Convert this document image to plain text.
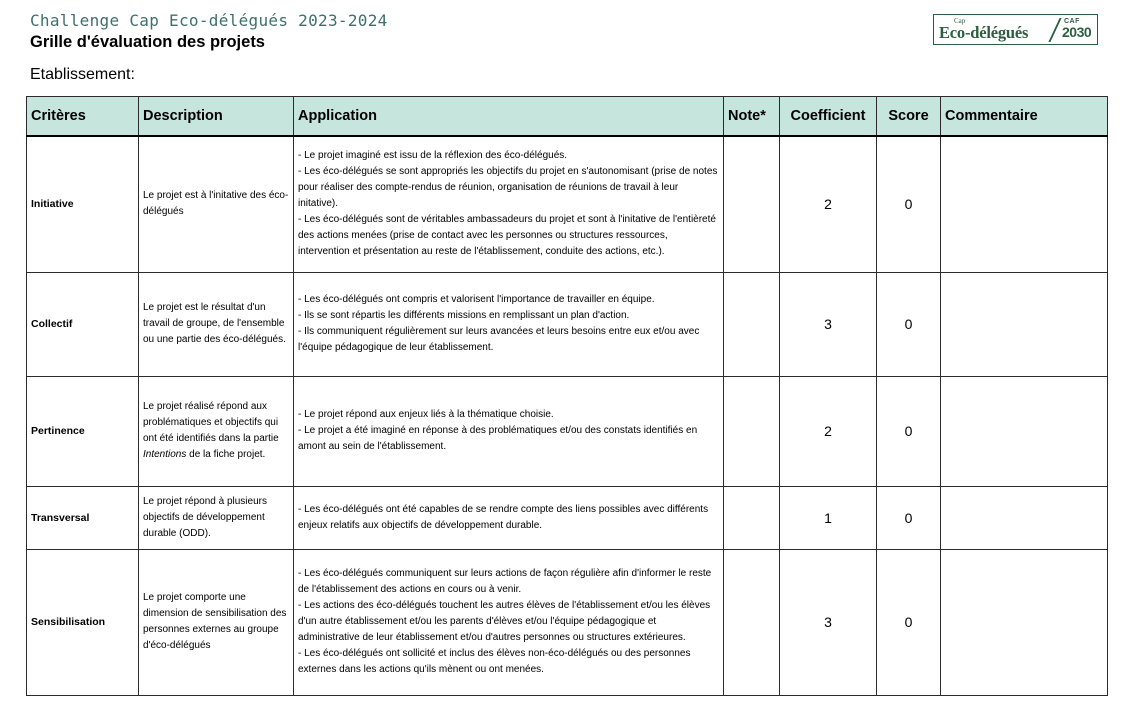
Challenge Cap Eco-délégués 2023-2024
Grille d'évaluation des projets
Etablissement:
Cap
Eco-délégués
CAF
2030
Critères	Description	Application	Note*	Coefficient	Score	Commentaire
Initiative	Le projet est à l'initative des éco-délégués	- Le projet imaginé est issu de la réflexion des éco-délégués.
- Les éco-délégués se sont appropriés les objectifs du projet en s'autonomisant (prise de notes pour réaliser des compte-rendus de réunion, organisation de réunions de travail à leur initative).
- Les éco-délégués sont de véritables ambassadeurs du projet et sont à l'initative de l'entièreté des actions menées (prise de contact avec les personnes ou structures ressources, intervention et présentation au reste de l'établissement, conduite des actions, etc.).		2	0	
Collectif	Le projet est le résultat d'un travail de groupe, de l'ensemble ou une partie des éco-délégués.	- Les éco-délégués ont compris et valorisent l'importance de travailler en équipe.
- Ils se sont répartis les différents missions en remplissant un plan d'action.
- Ils communiquent régulièrement sur leurs avancées et leurs besoins entre eux et/ou avec l'équipe pédagogique de leur établissement.		3	0	
Pertinence	Le projet réalisé répond aux problématiques et objectifs qui ont été identifiés dans la partie Intentions de la fiche projet.	- Le projet répond aux enjeux liés à la thématique choisie.
- Le projet a été imaginé en réponse à des problématiques et/ou des constats identifiés en amont au sein de l'établissement.		2	0	
Transversal	Le projet répond à plusieurs objectifs de développement durable (ODD).	- Les éco-délégués ont été capables de se rendre compte des liens possibles avec différents enjeux relatifs aux objectifs de développement durable.		1	0	
Sensibilisation	Le projet comporte une dimension de sensibilisation des personnes externes au groupe d'éco-délégués	- Les éco-délégués communiquent sur leurs actions de façon régulière afin d'informer le reste de l'établissement des actions en cours ou à venir.
- Les actions des éco-délégués touchent les autres élèves de l'établissement et/ou les élèves d'un autre établissement et/ou les parents d'élèves et/ou l'équipe pédagogique et administrative de leur établissement et/ou d'autres personnes ou structures extérieures.
- Les éco-délégués ont sollicité et inclus des élèves non-éco-délégués ou des personnes externes dans les actions qu'ils mènent ou ont menées.		3	0	
